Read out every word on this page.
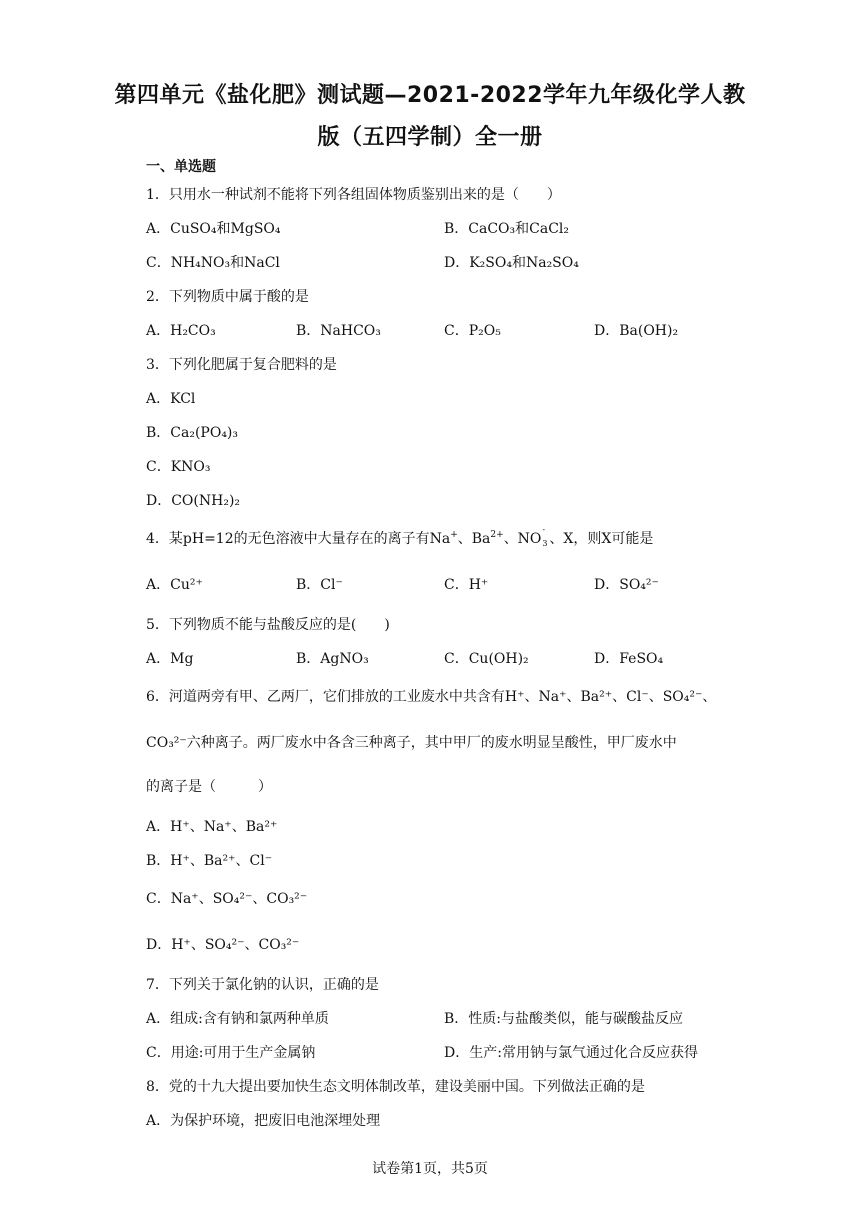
第四单元《盐化肥》测试题—2021-2022学年九年级化学人教
版（五四学制）全一册
一、单选题
1．只用水一种试剂不能将下列各组固体物质鉴别出来的是（　　）
A．CuSO₄和MgSO₄	B．CaCO₃和CaCl₂
C．NH₄NO₃和NaCl	D．K₂SO₄和Na₂SO₄
2．下列物质中属于酸的是
A．H₂CO₃	B．NaHCO₃	C．P₂O₅	D．Ba(OH)₂
3．下列化肥属于复合肥料的是
A．KCl
B．Ca₂(PO₄)₃
C．KNO₃
D．CO(NH₂)₂
4．某pH=12的无色溶液中大量存在的离子有Na+、$Ba^{2+}$、NO
-
3 、X，则X可能是
A．Cu²⁺	B．Cl⁻	C．H⁺	D．SO₄²⁻
5．下列物质不能与盐酸反应的是(　　)
A．Mg	B．AgNO₃	C．Cu(OH)₂	D．FeSO₄
6．河道两旁有甲、乙两厂，它们排放的工业废水中共含有H⁺、Na⁺、Ba²⁺、Cl⁻、SO₄²⁻、
CO₃²⁻六种离子。两厂废水中各含三种离子，其中甲厂的废水明显呈酸性，甲厂废水中
的离子是（　　　）
A．H⁺、Na⁺、Ba²⁺
B．H⁺、Ba²⁺、Cl⁻
C．Na⁺、SO₄²⁻、CO₃²⁻
D．H⁺、SO₄²⁻、CO₃²⁻
7．下列关于氯化钠的认识，正确的是
A．组成:含有钠和氯两种单质	B．性质:与盐酸类似，能与碳酸盐反应
C．用途:可用于生产金属钠	D．生产:常用钠与氯气通过化合反应获得
8．党的十九大提出要加快生态文明体制改革，建设美丽中国。下列做法正确的是
A．为保护环境，把废旧电池深埋处理
试卷第1页，共5页
